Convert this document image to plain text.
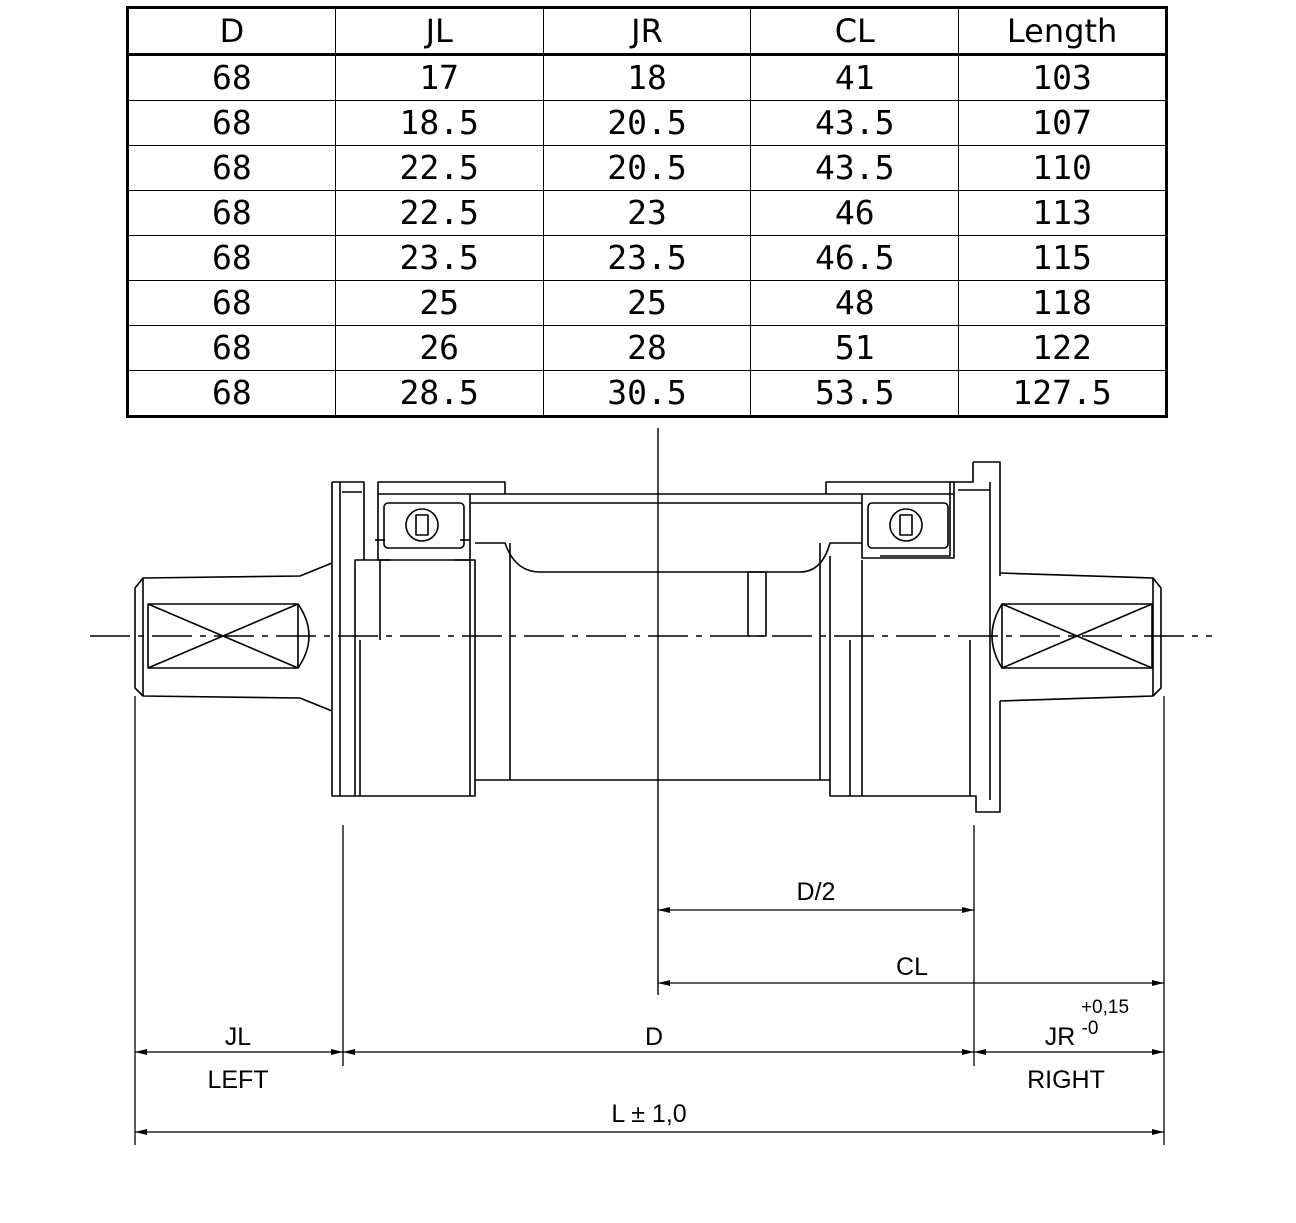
D	JL	JR	CL	Length
68	17	18	41	103
68	18.5	20.5	43.5	107
68	22.5	20.5	43.5	110
68	22.5	23	46	113
68	23.5	23.5	46.5	115
68	25	25	48	118
68	26	28	51	122
68	28.5	30.5	53.5	127.5
D/2
CL
JL	D	JR
+0,15
-0
LEFT	RIGHT
L ± 1,0
